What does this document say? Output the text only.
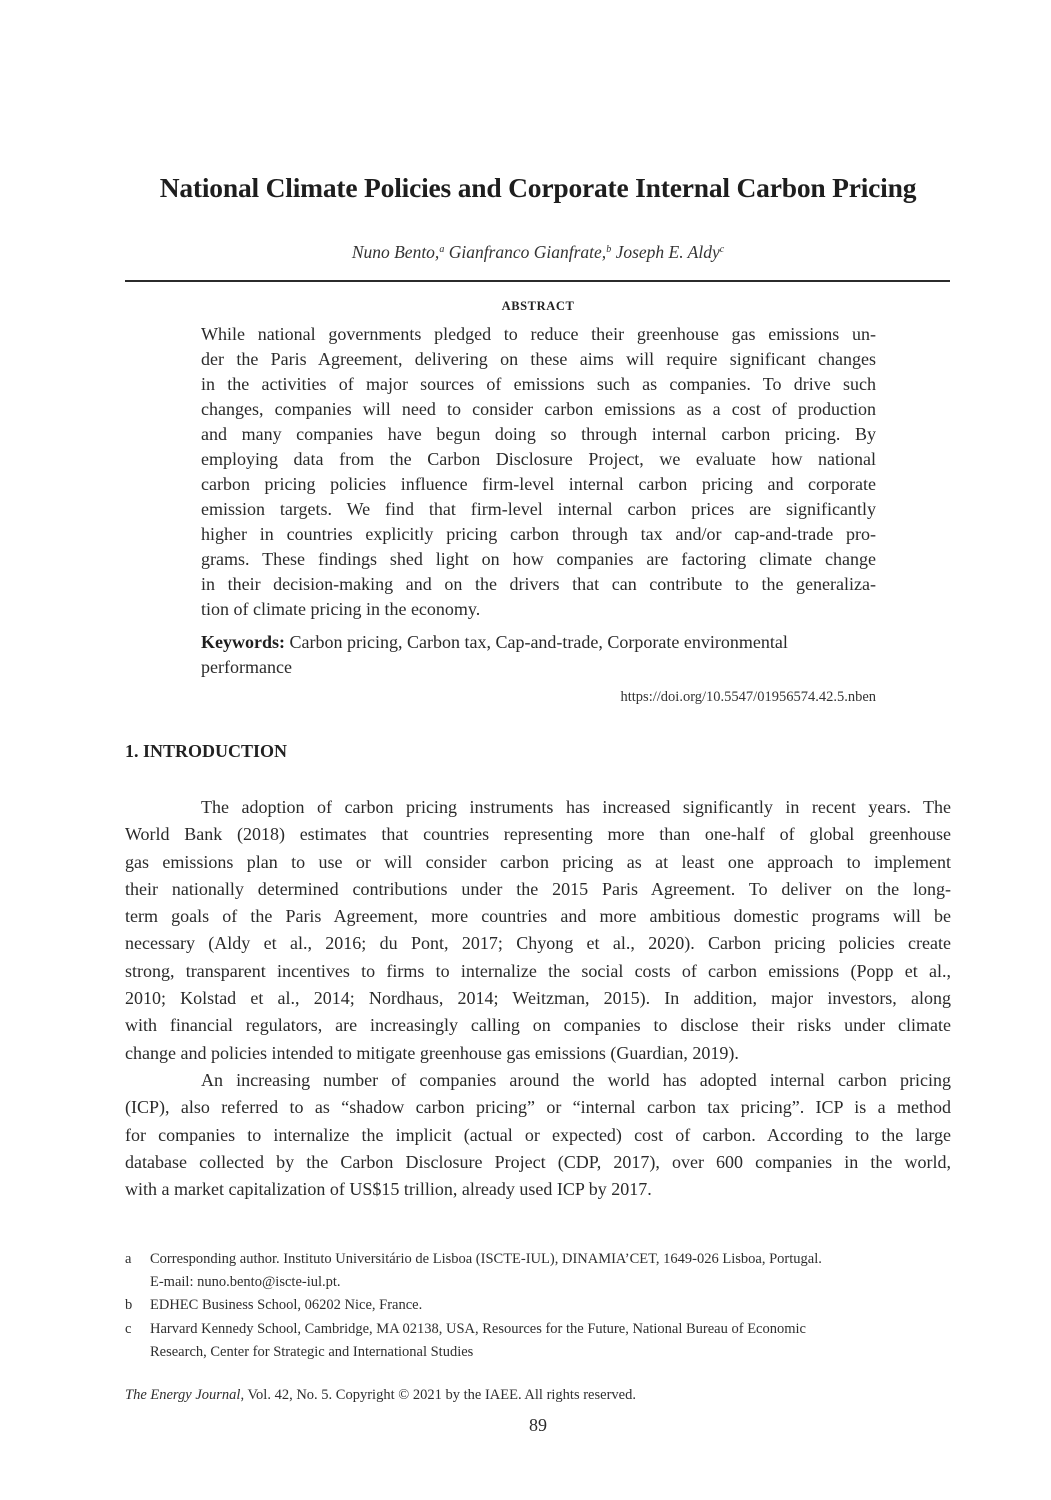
National Climate Policies and Corporate Internal Carbon Pricing
Nuno Bento,$^a$ Gianfranco Gianfrate,$^b$ Joseph E. Aldy$^c$
ABSTRACT
While national governments pledged to reduce their greenhouse gas emissions un-
der the Paris Agreement, delivering on these aims will require significant changes
in the activities of major sources of emissions such as companies. To drive such
changes, companies will need to consider carbon emissions as a cost of production
and many companies have begun doing so through internal carbon pricing. By
employing data from the Carbon Disclosure Project, we evaluate how national
carbon pricing policies influence firm-level internal carbon pricing and corporate
emission targets. We find that firm-level internal carbon prices are significantly
higher in countries explicitly pricing carbon through tax and/or cap-and-trade pro-
grams. These findings shed light on how companies are factoring climate change
in their decision-making and on the drivers that can contribute to the generaliza-
tion of climate pricing in the economy.
Keywords: Carbon pricing, Carbon tax, Cap-and-trade, Corporate environmental performance
https://doi.org/10.5547/01956574.42.5.nben
1. INTRODUCTION
The adoption of carbon pricing instruments has increased significantly in recent years. The
World Bank (2018) estimates that countries representing more than one-half of global greenhouse
gas emissions plan to use or will consider carbon pricing as at least one approach to implement
their nationally determined contributions under the 2015 Paris Agreement. To deliver on the long-
term goals of the Paris Agreement, more countries and more ambitious domestic programs will be
necessary (Aldy et al., 2016; du Pont, 2017; Chyong et al., 2020). Carbon pricing policies create
strong, transparent incentives to firms to internalize the social costs of carbon emissions (Popp et al.,
2010; Kolstad et al., 2014; Nordhaus, 2014; Weitzman, 2015). In addition, major investors, along
with financial regulators, are increasingly calling on companies to disclose their risks under climate
change and policies intended to mitigate greenhouse gas emissions (Guardian, 2019).
An increasing number of companies around the world has adopted internal carbon pricing
(ICP), also referred to as “shadow carbon pricing” or “internal carbon tax pricing”. ICP is a method
for companies to internalize the implicit (actual or expected) cost of carbon. According to the large
database collected by the Carbon Disclosure Project (CDP, 2017), over 600 companies in the world,
with a market capitalization of US$15 trillion, already used ICP by 2017.
a Corresponding author. Instituto Universitário de Lisboa (ISCTE-IUL), DINAMIA’CET, 1649-026 Lisboa, Portugal.
E-mail: nuno.bento@iscte-iul.pt.
b EDHEC Business School, 06202 Nice, France.
c Harvard Kennedy School, Cambridge, MA 02138, USA, Resources for the Future, National Bureau of Economic
Research, Center for Strategic and International Studies
The Energy Journal, Vol. 42, No. 5. Copyright © 2021 by the IAEE. All rights reserved.
89
